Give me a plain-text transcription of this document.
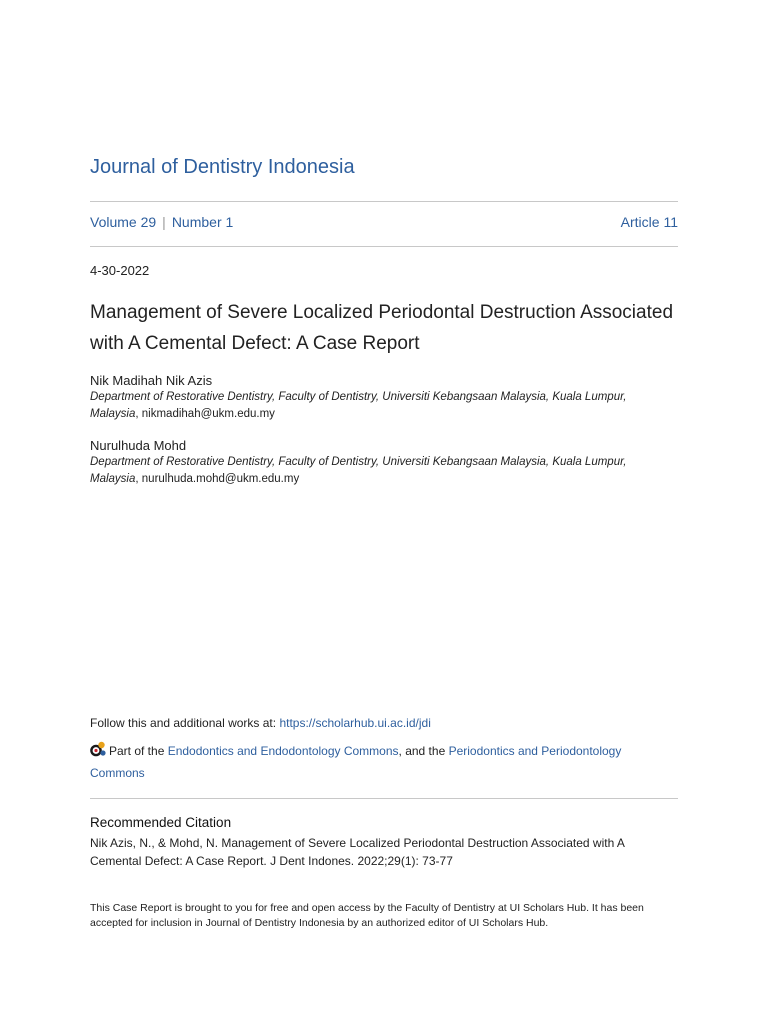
Journal of Dentistry Indonesia
Volume 29 | Number 1	Article 11
4-30-2022
Management of Severe Localized Periodontal Destruction Associated with A Cemental Defect: A Case Report
Nik Madihah Nik Azis
Department of Restorative Dentistry, Faculty of Dentistry, Universiti Kebangsaan Malaysia, Kuala Lumpur, Malaysia, nikmadihah@ukm.edu.my
Nurulhuda Mohd
Department of Restorative Dentistry, Faculty of Dentistry, Universiti Kebangsaan Malaysia, Kuala Lumpur, Malaysia, nurulhuda.mohd@ukm.edu.my
Follow this and additional works at: https://scholarhub.ui.ac.id/jdi
Part of the Endodontics and Endodontology Commons, and the Periodontics and Periodontology Commons
Recommended Citation
Nik Azis, N., & Mohd, N. Management of Severe Localized Periodontal Destruction Associated with A Cemental Defect: A Case Report. J Dent Indones. 2022;29(1): 73-77
This Case Report is brought to you for free and open access by the Faculty of Dentistry at UI Scholars Hub. It has been accepted for inclusion in Journal of Dentistry Indonesia by an authorized editor of UI Scholars Hub.
